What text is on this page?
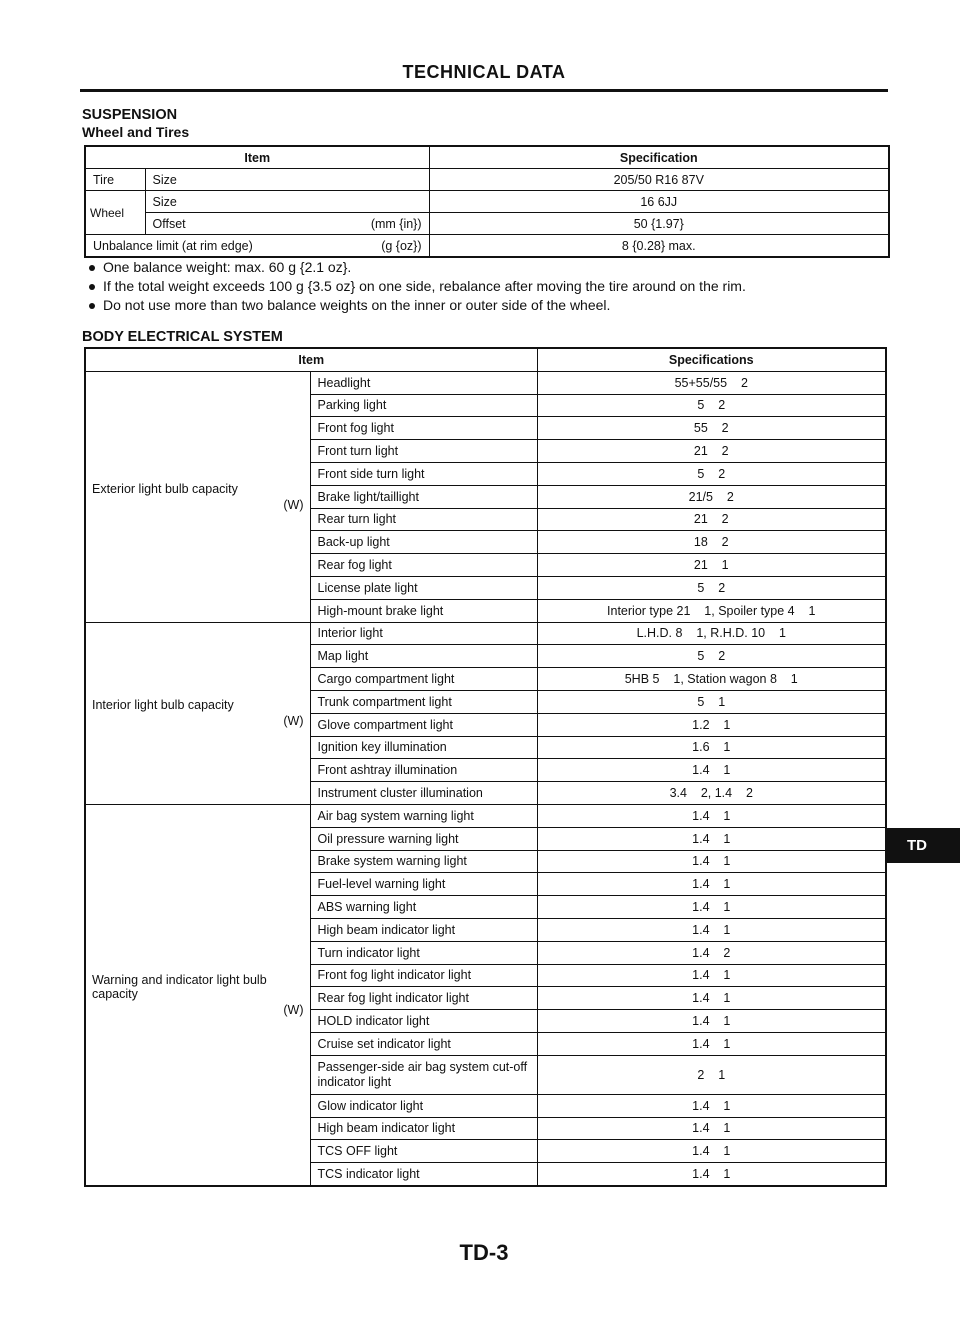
TECHNICAL DATA
SUSPENSION
Wheel and Tires
Item		Specification
Tire	Size	205/50 R16 87V
Wheel	Size	16 6JJ
	Offset (mm {in})	50 {1.97}
Unbalance limit (at rim edge) (g {oz})		8 {0.28} max.
One balance weight: max. 60 g {2.1 oz}.
If the total weight exceeds 100 g {3.5 oz} on one side, rebalance after moving the tire around on the rim.
Do not use more than two balance weights on the inner or outer side of the wheel.
BODY ELECTRICAL SYSTEM
Item		Specifications

Exterior light bulb capacity
(W)	Headlight	55+55/55    2
	Parking light	5    2
	Front fog light	55    2
	Front turn light	21    2
	Front side turn light	5    2
	Brake light/taillight	21/5    2
	Rear turn light	21    2
	Back-up light	18    2
	Rear fog light	21    1
	License plate light	5    2
	High-mount brake light	Interior type 21    1, Spoiler type 4    1

Interior light bulb capacity
(W)	Interior light	L.H.D. 8    1, R.H.D. 10    1
	Map light	5    2
	Cargo compartment light	5HB 5    1, Station wagon 8    1
	Trunk compartment light	5    1
	Glove compartment light	1.2    1
	Ignition key illumination	1.6    1
	Front ashtray illumination	1.4    1
	Instrument cluster illumination	3.4    2, 1.4    2

Warning and indicator light bulb capacity
(W)	Air bag system warning light	1.4    1
	Oil pressure warning light	1.4    1
	Brake system warning light	1.4    1
	Fuel-level warning light	1.4    1
	ABS warning light	1.4    1
	High beam indicator light	1.4    1
	Turn indicator light	1.4    2
	Front fog light indicator light	1.4    1
	Rear fog light indicator light	1.4    1
	HOLD indicator light	1.4    1
	Cruise set indicator light	1.4    1
	Passenger-side air bag system cut-off indicator light	2    1
	Glow indicator light	1.4    1
	High beam indicator light	1.4    1
	TCS OFF light	1.4    1
	TCS indicator light	1.4    1
TD
TD-3
